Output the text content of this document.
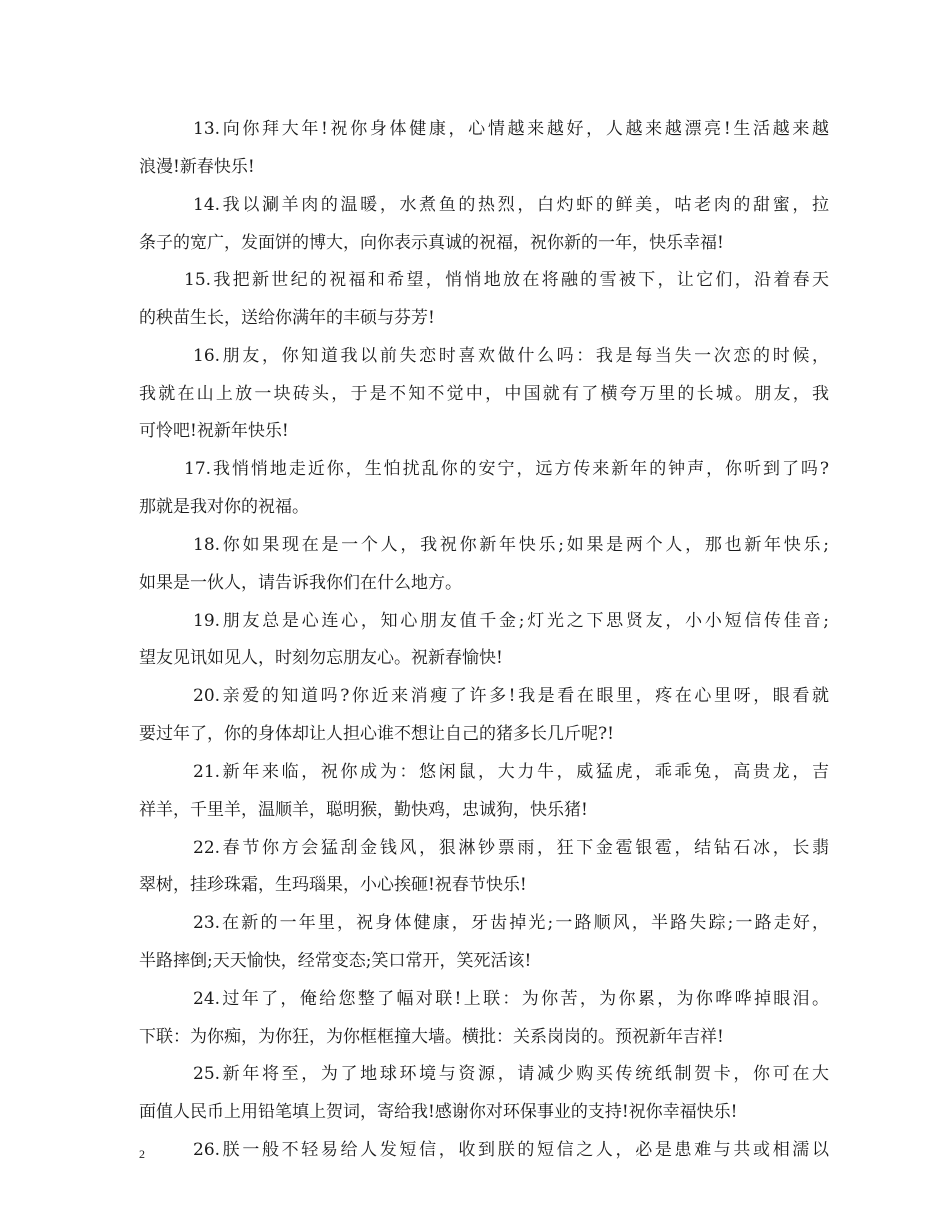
13.向你拜大年!祝你身体健康，心情越来越好，人越来越漂亮!生活越来越
浪漫!新春快乐!
14.我以涮羊肉的温暖，水煮鱼的热烈，白灼虾的鲜美，咕老肉的甜蜜，拉
条子的宽广，发面饼的博大，向你表示真诚的祝福，祝你新的一年，快乐幸福!
15.我把新世纪的祝福和希望，悄悄地放在将融的雪被下，让它们，沿着春天
的秧苗生长，送给你满年的丰硕与芬芳!
16.朋友，你知道我以前失恋时喜欢做什么吗：我是每当失一次恋的时候，
我就在山上放一块砖头，于是不知不觉中，中国就有了横夸万里的长城。朋友，我
可怜吧!祝新年快乐!
17.我悄悄地走近你，生怕扰乱你的安宁，远方传来新年的钟声，你听到了吗?
那就是我对你的祝福。
18.你如果现在是一个人，我祝你新年快乐;如果是两个人，那也新年快乐;
如果是一伙人，请告诉我你们在什么地方。
19.朋友总是心连心，知心朋友值千金;灯光之下思贤友，小小短信传佳音;
望友见讯如见人，时刻勿忘朋友心。祝新春愉快!
20.亲爱的知道吗?你近来消瘦了许多!我是看在眼里，疼在心里呀，眼看就
要过年了，你的身体却让人担心谁不想让自己的猪多长几斤呢?!
21.新年来临，祝你成为：悠闲鼠，大力牛，威猛虎，乖乖兔，高贵龙，吉
祥羊，千里羊，温顺羊，聪明猴，勤快鸡，忠诚狗，快乐猪!
22.春节你方会猛刮金钱风，狠淋钞票雨，狂下金雹银雹，结钻石冰，长翡
翠树，挂珍珠霜，生玛瑙果，小心挨砸!祝春节快乐!
23.在新的一年里，祝身体健康，牙齿掉光;一路顺风，半路失踪;一路走好，
半路摔倒;天天愉快，经常变态;笑口常开，笑死活该!
24.过年了，俺给您整了幅对联!上联：为你苦，为你累，为你哗哗掉眼泪。
下联：为你痴，为你狂，为你框框撞大墙。横批：关系岗岗的。预祝新年吉祥!
25.新年将至，为了地球环境与资源，请减少购买传统纸制贺卡，你可在大
面值人民币上用铅笔填上贺词，寄给我!感谢你对环保事业的支持!祝你幸福快乐!
26.朕一般不轻易给人发短信，收到朕的短信之人，必是患难与共或相濡以
2
